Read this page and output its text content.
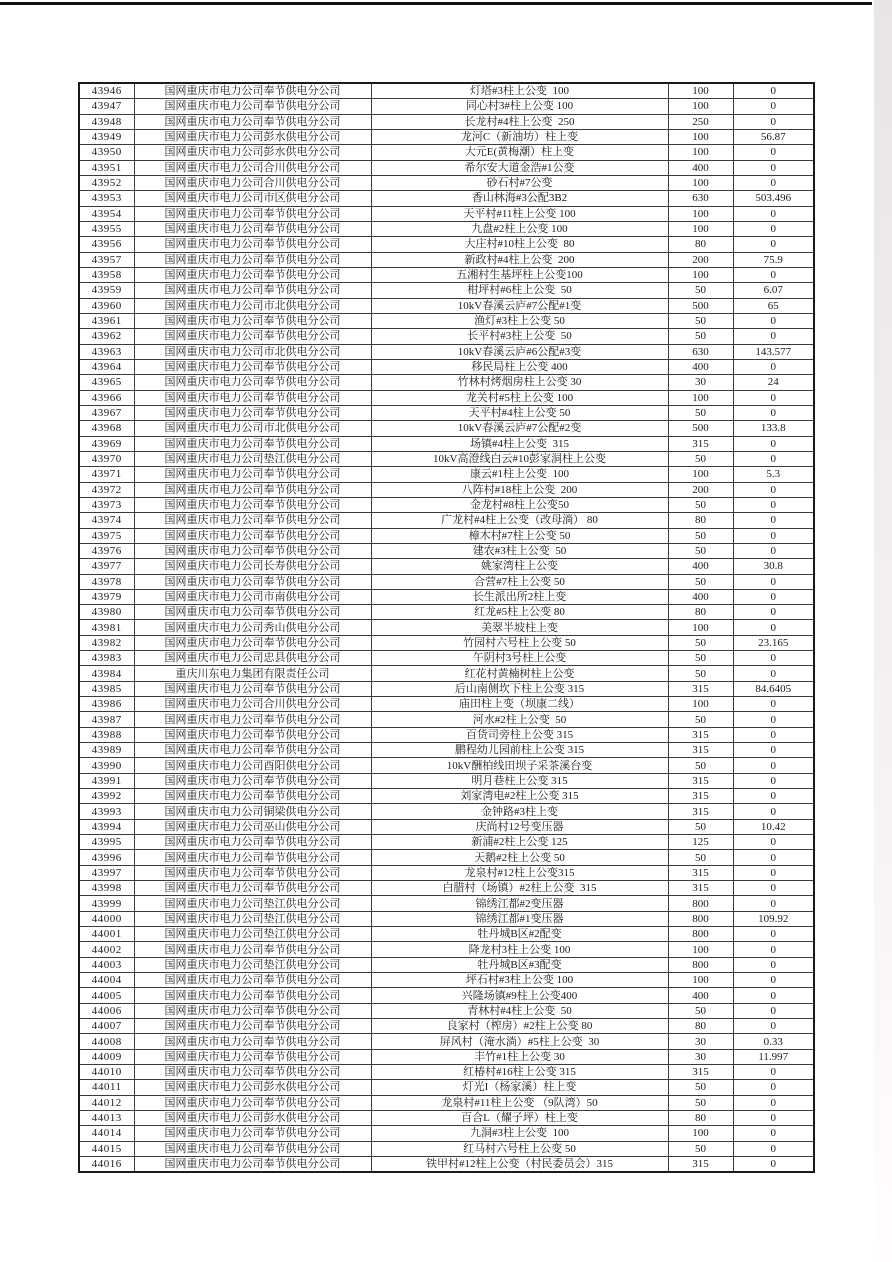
43946	国网重庆市电力公司奉节供电分公司	灯塔#3柱上公变  100	100	0
43947	国网重庆市电力公司奉节供电分公司	同心村3#柱上公变 100	100	0
43948	国网重庆市电力公司奉节供电分公司	长龙村#4柱上公变  250	250	0
43949	国网重庆市电力公司彭水供电分公司	龙河C（新油坊）柱上变	100	56.87
43950	国网重庆市电力公司彭水供电分公司	大元E(黄梅潮）柱上变	100	0
43951	国网重庆市电力公司合川供电分公司	希尔安大道金浩#1公变	400	0
43952	国网重庆市电力公司合川供电分公司	砂石村#7公变	100	0
43953	国网重庆市电力公司市区供电分公司	香山林海#3公配3B2	630	503.496
43954	国网重庆市电力公司奉节供电分公司	天平村#11柱上公变 100	100	0
43955	国网重庆市电力公司奉节供电分公司	九盘#2柱上公变 100	100	0
43956	国网重庆市电力公司奉节供电分公司	大庄村#10柱上公变  80	80	0
43957	国网重庆市电力公司奉节供电分公司	新政村#4柱上公变  200	200	75.9
43958	国网重庆市电力公司奉节供电分公司	五湘村生基坪柱上公变100	100	0
43959	国网重庆市电力公司奉节供电分公司	柑坪村#6柱上公变  50	50	6.07
43960	国网重庆市电力公司市北供电分公司	10kV春溪云庐#7公配#1变	500	65
43961	国网重庆市电力公司奉节供电分公司	渔灯#3柱上公变 50	50	0
43962	国网重庆市电力公司奉节供电分公司	长平村#3柱上公变  50	50	0
43963	国网重庆市电力公司市北供电分公司	10kV春溪云庐#6公配#3变	630	143.577
43964	国网重庆市电力公司奉节供电分公司	移民局柱上公变 400	400	0
43965	国网重庆市电力公司奉节供电分公司	竹林村烤烟房柱上公变 30	30	24
43966	国网重庆市电力公司奉节供电分公司	龙关村#5柱上公变 100	100	0
43967	国网重庆市电力公司奉节供电分公司	天平村#4柱上公变 50	50	0
43968	国网重庆市电力公司市北供电分公司	10kV春溪云庐#7公配#2变	500	133.8
43969	国网重庆市电力公司奉节供电分公司	场镇#4柱上公变  315	315	0
43970	国网重庆市电力公司垫江供电分公司	10kV高澄线白云#10彭家洞柱上公变	50	0
43971	国网重庆市电力公司奉节供电分公司	康云#1柱上公变  100	100	5.3
43972	国网重庆市电力公司奉节供电分公司	八阵村#18柱上公变  200	200	0
43973	国网重庆市电力公司奉节供电分公司	金龙村#8柱上公变50	50	0
43974	国网重庆市电力公司奉节供电分公司	广龙村#4柱上公变（改母淌） 80	80	0
43975	国网重庆市电力公司奉节供电分公司	樟木村#7柱上公变 50	50	0
43976	国网重庆市电力公司奉节供电分公司	建农#3柱上公变  50	50	0
43977	国网重庆市电力公司长寿供电分公司	姚家湾柱上公变	400	30.8
43978	国网重庆市电力公司奉节供电分公司	合营#7柱上公变 50	50	0
43979	国网重庆市电力公司市南供电分公司	长生派出所2柱上变	400	0
43980	国网重庆市电力公司奉节供电分公司	红龙#5柱上公变 80	80	0
43981	国网重庆市电力公司秀山供电分公司	美翠半坡柱上变	100	0
43982	国网重庆市电力公司奉节供电分公司	竹园村六号柱上公变 50	50	23.165
43983	国网重庆市电力公司忠县供电分公司	午阴村3号柱上公变	50	0
43984	重庆川东电力集团有限责任公司	红花村黄楠树柱上公变	50	0
43985	国网重庆市电力公司奉节供电分公司	后山南侧坎下柱上公变 315	315	84.6405
43986	国网重庆市电力公司合川供电分公司	庙田柱上变（坝康二线）	100	0
43987	国网重庆市电力公司奉节供电分公司	河水#2柱上公变  50	50	0
43988	国网重庆市电力公司奉节供电分公司	百货司旁柱上公变 315	315	0
43989	国网重庆市电力公司奉节供电分公司	鹏程幼儿园前柱上公变 315	315	0
43990	国网重庆市电力公司酉阳供电分公司	10kV酬柏线田坝子采茶溪台变	50	0
43991	国网重庆市电力公司奉节供电分公司	明月巷柱上公变 315	315	0
43992	国网重庆市电力公司奉节供电分公司	刘家湾电#2柱上公变 315	315	0
43993	国网重庆市电力公司铜梁供电分公司	金钟路#3柱上变	315	0
43994	国网重庆市电力公司巫山供电分公司	庆尚村12号变压器	50	10.42
43995	国网重庆市电力公司奉节供电分公司	新浦#2柱上公变 125	125	0
43996	国网重庆市电力公司奉节供电分公司	天鹅#2柱上公变 50	50	0
43997	国网重庆市电力公司奉节供电分公司	龙泉村#12柱上公变315	315	0
43998	国网重庆市电力公司奉节供电分公司	白腊村（场镇）#2柱上公变  315	315	0
43999	国网重庆市电力公司垫江供电分公司	锦绣江都#2变压器	800	0
44000	国网重庆市电力公司垫江供电分公司	锦绣江都#1变压器	800	109.92
44001	国网重庆市电力公司垫江供电分公司	牡丹城B区#2配变	800	0
44002	国网重庆市电力公司奉节供电分公司	降龙村3柱上公变 100	100	0
44003	国网重庆市电力公司垫江供电分公司	牡丹城B区#3配变	800	0
44004	国网重庆市电力公司奉节供电分公司	坪石村#3柱上公变 100	100	0
44005	国网重庆市电力公司奉节供电分公司	兴隆场镇#9柱上公变400	400	0
44006	国网重庆市电力公司奉节供电分公司	青林村#4柱上公变  50	50	0
44007	国网重庆市电力公司奉节供电分公司	良家村（榨房）#2柱上公变 80	80	0
44008	国网重庆市电力公司奉节供电分公司	屏风村（淹水淌）#5柱上公变  30	30	0.33
44009	国网重庆市电力公司奉节供电分公司	丰竹#1柱上公变 30	30	11.997
44010	国网重庆市电力公司奉节供电分公司	红椿村#16柱上公变 315	315	0
44011	国网重庆市电力公司彭水供电分公司	灯光I（杨家溪）柱上变	50	0
44012	国网重庆市电力公司奉节供电分公司	龙泉村#11柱上公变 （9队湾）50	50	0
44013	国网重庆市电力公司彭水供电分公司	百合L（耀子坪）柱上变	80	0
44014	国网重庆市电力公司奉节供电分公司	九洞#3柱上公变  100	100	0
44015	国网重庆市电力公司奉节供电分公司	红马村六号柱上公变 50	50	0
44016	国网重庆市电力公司奉节供电分公司	铁甲村#12柱上公变（村民委员会）315	315	0
